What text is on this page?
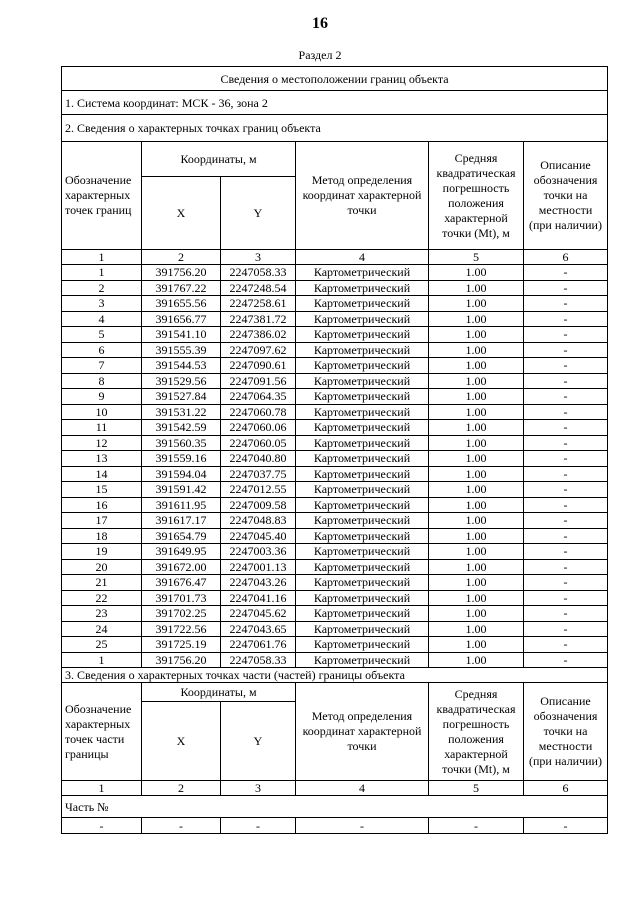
16
Раздел 2
Сведения о местоположении границ объекта					
1. Система координат: МСК - 36, зона 2					
2. Сведения о характерных точках границ объекта					
Обозначение характерных точек границ	Координаты, м		Метод определения координат характерной точки	Средняя квадратическая погрешность положения характерной точки (Mt), м	Описание обозначения точки на местности (при наличии)
	X	Y			
1	2	3	4	5	6
1	391756.20	2247058.33	Картометрический	1.00	-
2	391767.22	2247248.54	Картометрический	1.00	-
3	391655.56	2247258.61	Картометрический	1.00	-
4	391656.77	2247381.72	Картометрический	1.00	-
5	391541.10	2247386.02	Картометрический	1.00	-
6	391555.39	2247097.62	Картометрический	1.00	-
7	391544.53	2247090.61	Картометрический	1.00	-
8	391529.56	2247091.56	Картометрический	1.00	-
9	391527.84	2247064.35	Картометрический	1.00	-
10	391531.22	2247060.78	Картометрический	1.00	-
11	391542.59	2247060.06	Картометрический	1.00	-
12	391560.35	2247060.05	Картометрический	1.00	-
13	391559.16	2247040.80	Картометрический	1.00	-
14	391594.04	2247037.75	Картометрический	1.00	-
15	391591.42	2247012.55	Картометрический	1.00	-
16	391611.95	2247009.58	Картометрический	1.00	-
17	391617.17	2247048.83	Картометрический	1.00	-
18	391654.79	2247045.40	Картометрический	1.00	-
19	391649.95	2247003.36	Картометрический	1.00	-
20	391672.00	2247001.13	Картометрический	1.00	-
21	391676.47	2247043.26	Картометрический	1.00	-
22	391701.73	2247041.16	Картометрический	1.00	-
23	391702.25	2247045.62	Картометрический	1.00	-
24	391722.56	2247043.65	Картометрический	1.00	-
25	391725.19	2247061.76	Картометрический	1.00	-
1	391756.20	2247058.33	Картометрический	1.00	-
3. Сведения о характерных точках части (частей) границы объекта					
Обозначение характерных точек части границы	Координаты, м		Метод определения координат характерной точки	Средняя квадратическая погрешность положения характерной точки (Mt), м	Описание обозначения точки на местности (при наличии)
	X	Y			
1	2	3	4	5	6
Часть №					
-	-	-	-	-	-
